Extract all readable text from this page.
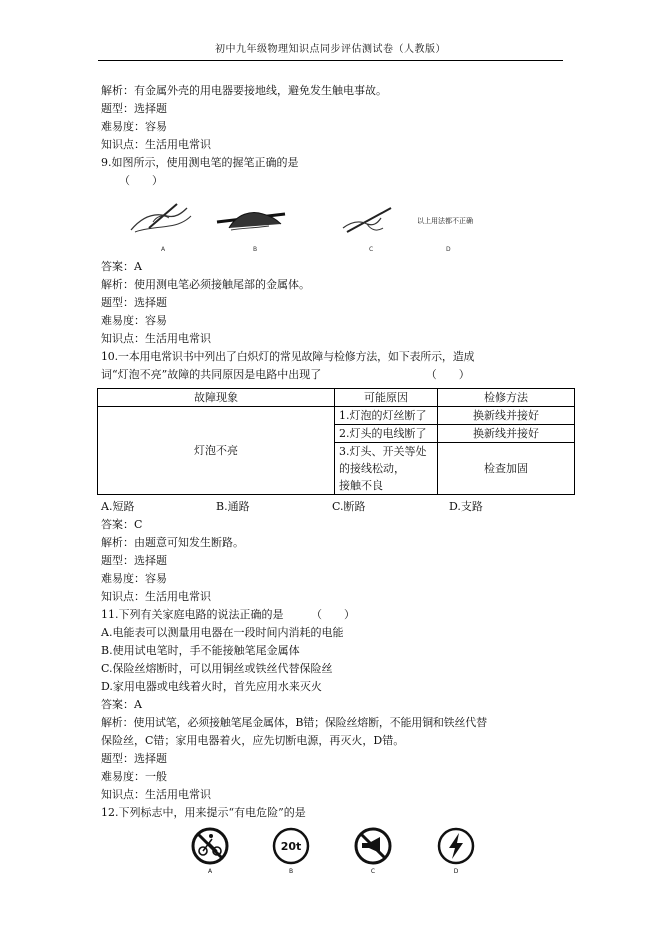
初中九年级物理知识点同步评估测试卷（人教版）
解析：有金属外壳的用电器要接地线，避免发生触电事故。
题型：选择题
难易度：容易
知识点：生活用电常识
9.如图所示，使用测电笔的握笔正确的是
（　　）
以上用法都不正确
A	B	C	D
答案：A
解析：使用测电笔必须接触尾部的金属体。
题型：选择题
难易度：容易
知识点：生活用电常识
10.一本用电常识书中列出了白炽灯的常见故障与检修方法，如下表所示，造成
词“灯泡不亮”故障的共同原因是电路中出现了　　　　　　　　　　（　　）
故障现象	可能原因	检修方法
灯泡不亮	1.灯泡的灯丝断了	换新线并接好
	2.灯头的电线断了	换新线并接好

	3.灯头、开关等处的接线松动，
接触不良	检查加固
A.短路	B.通路	C.断路	D.支路
答案：C
解析：由题意可知发生断路。
题型：选择题
难易度：容易
知识点：生活用电常识
11.下列有关家庭电路的说法正确的是　　　（　　）
A.电能表可以测量用电器在一段时间内消耗的电能
B.使用试电笔时，手不能接触笔尾金属体
C.保险丝熔断时，可以用铜丝或铁丝代替保险丝
D.家用电器或电线着火时，首先应用水来灭火
答案：A
解析：使用试笔，必须接触笔尾金属体，B错；保险丝熔断，不能用铜和铁丝代替
保险丝，C错；家用电器着火，应先切断电源，再灭火，D错。
题型：选择题
难易度：一般
知识点：生活用电常识
12.下列标志中，用来提示“有电危险”的是
A
20t
B	C	D
